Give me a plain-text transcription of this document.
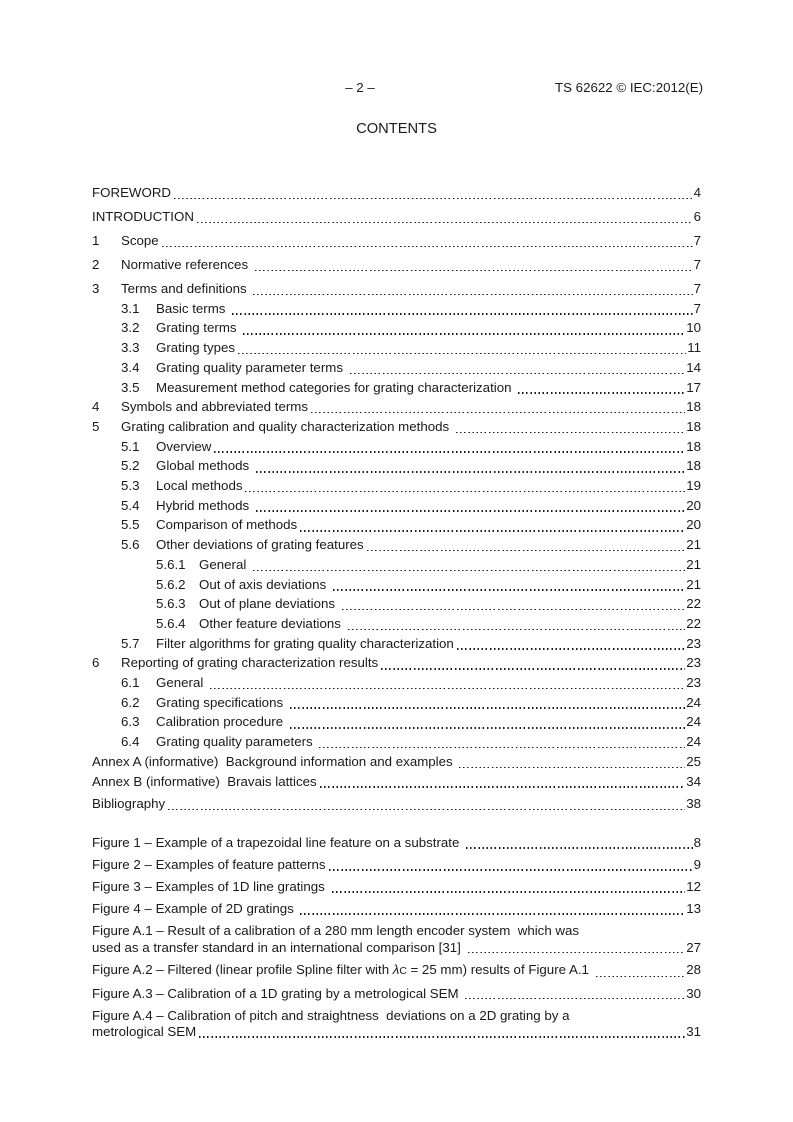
– 2 –	TS 62622 © IEC:2012(E)
CONTENTS
FOREWORD	4
INTRODUCTION	6
1	Scope	7
2	Normative references	7
3	Terms and definitions	7
3.1	Basic terms	7
3.2	Grating terms	10
3.3	Grating types	11
3.4	Grating quality parameter terms	14
3.5	Measurement method categories for grating characterization	17
4	Symbols and abbreviated terms	18
5	Grating calibration and quality characterization methods	18
5.1	Overview	18
5.2	Global methods	18
5.3	Local methods	19
5.4	Hybrid methods	20
5.5	Comparison of methods	20
5.6	Other deviations of grating features	21
5.6.1	General	21
5.6.2	Out of axis deviations	21
5.6.3	Out of plane deviations	22
5.6.4	Other feature deviations	22
5.7	Filter algorithms for grating quality characterization	23
6	Reporting of grating characterization results	23
6.1	General	23
6.2	Grating specifications	24
6.3	Calibration procedure	24
6.4	Grating quality parameters	24
Annex A (informative)  Background information and examples	25
Annex B (informative)  Bravais lattices	34
Bibliography	38
Figure 1 – Example of a trapezoidal line feature on a substrate	8
Figure 2 – Examples of feature patterns	9
Figure 3 – Examples of 1D line gratings	12
Figure 4 – Example of 2D gratings	13
Figure A.1 – Result of a calibration of a 280 mm length encoder system  which was
used as a transfer standard in an international comparison [31]	27
Figure A.2 – Filtered (linear profile Spline filter with λ C = 25 mm) results of Figure A.1	28
Figure A.3 – Calibration of a 1D grating by a metrological SEM	30
Figure A.4 – Calibration of pitch and straightness  deviations on a 2D grating by a
metrological SEM	31
